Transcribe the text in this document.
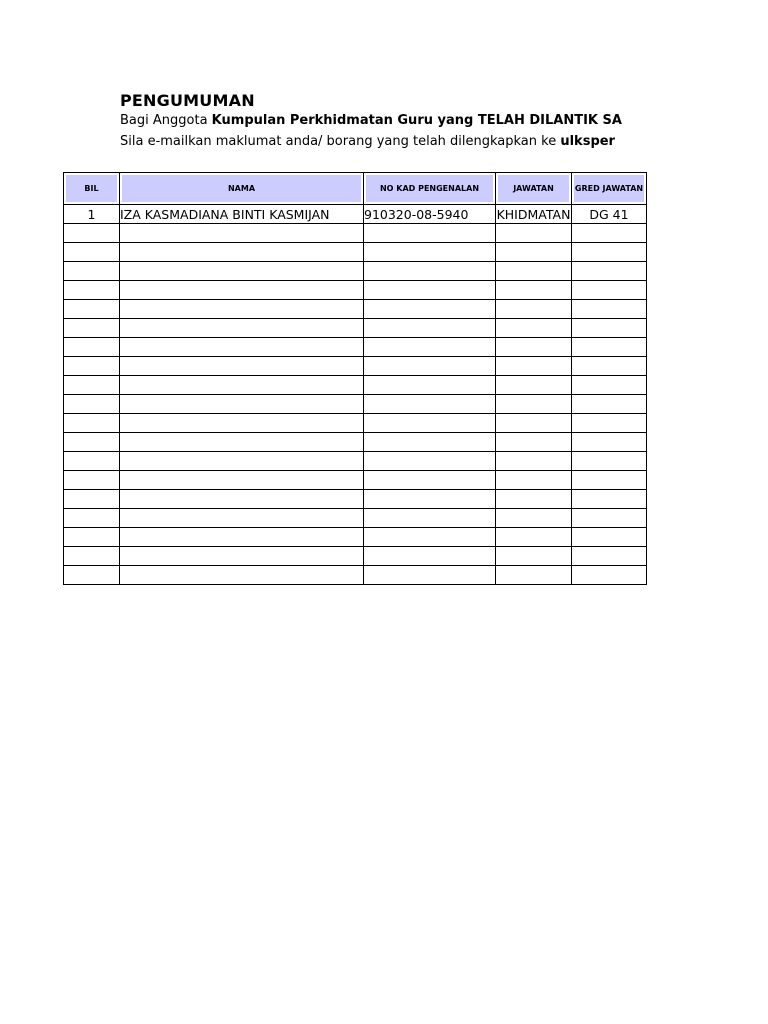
PENGUMUMAN
Bagi Anggota Kumpulan Perkhidmatan Guru yang TELAH DILANTIK SA
Sila e-mailkan maklumat anda/ borang yang telah dilengkapkan ke ulksper
BIL	NAMA	NO KAD PENGENALAN	JAWATAN	GRED JAWATAN
1	IZA KASMADIANA BINTI KASMIJAN	910320-08-5940	KHIDMATAN	DG 41
